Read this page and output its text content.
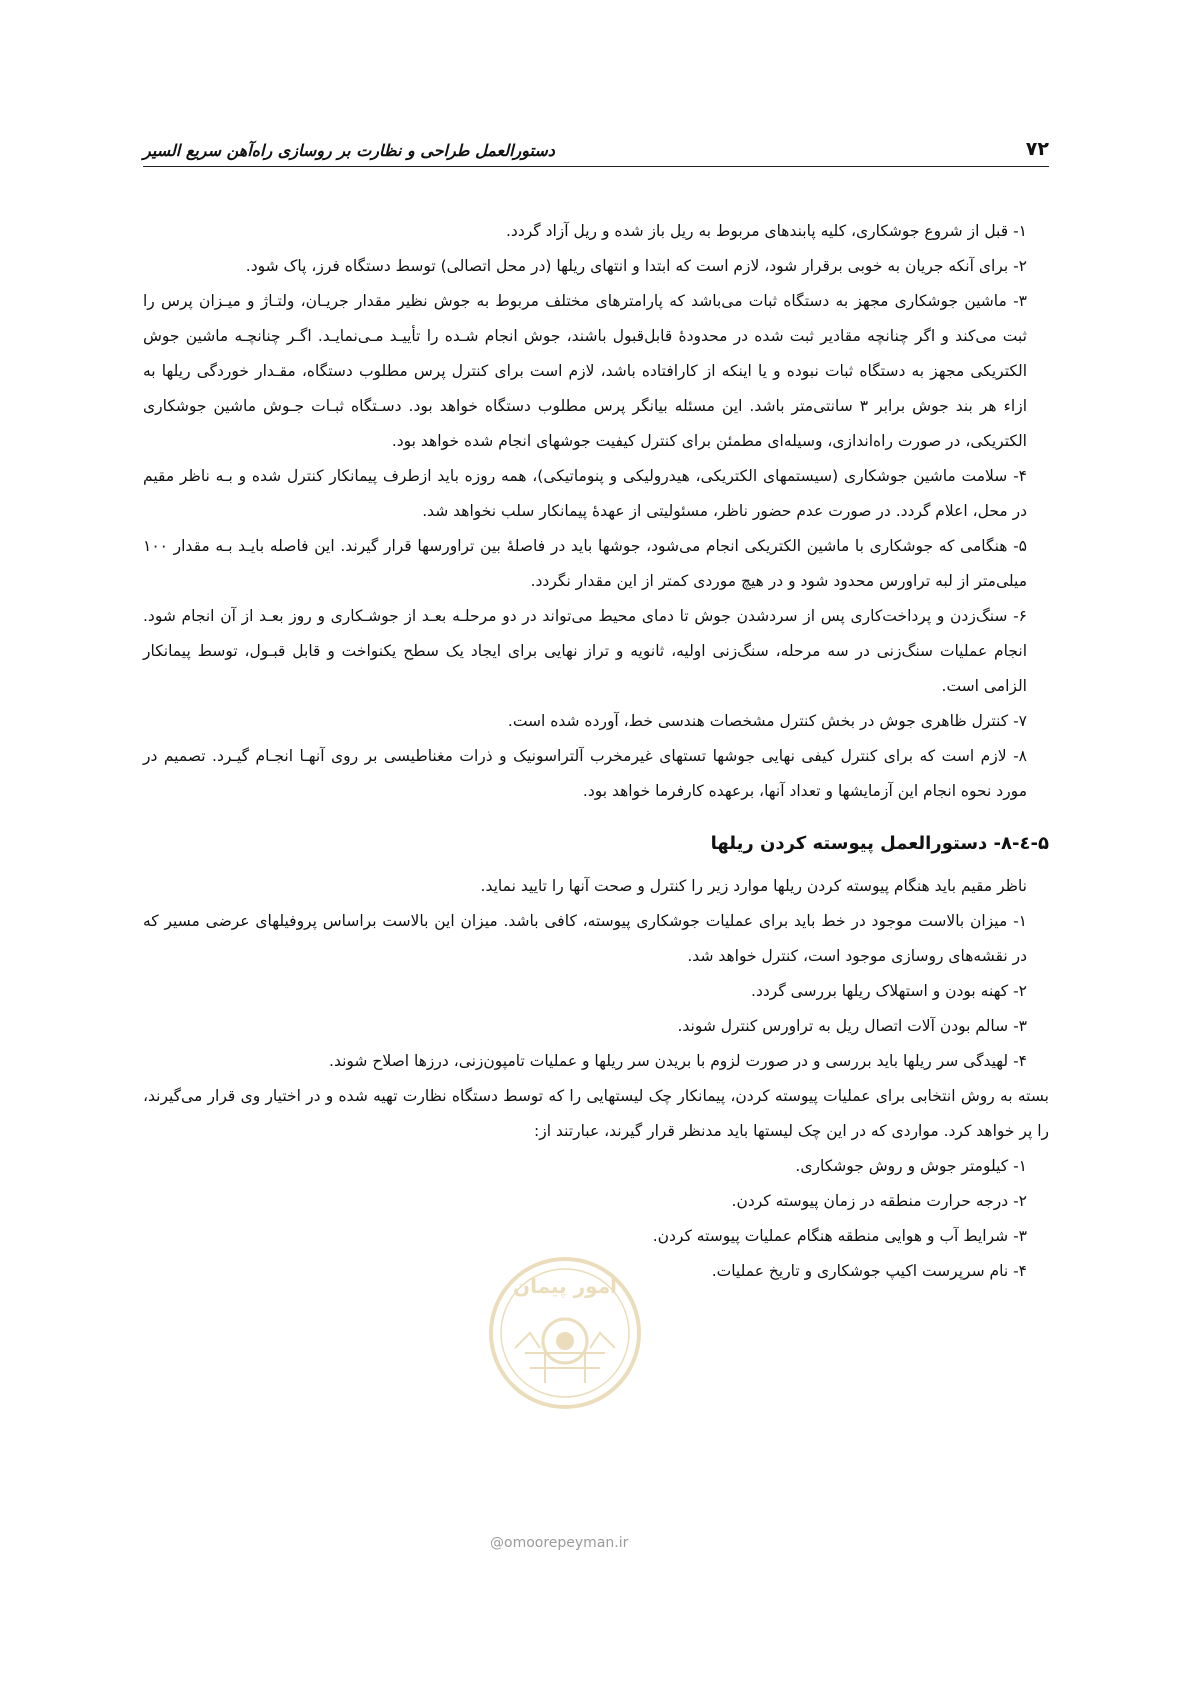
۷۲
دستورالعمل طراحی و نظارت بر روسازی راه‌آهن سریع السیر

۱- قبل از شروع جوشکاری، کلیه پابندهای مربوط به ریل باز شده و ریل آزاد گردد.

۲- برای آنکه جریان به خوبی برقرار شود، لازم است که ابتدا و انتهای ریلها (در محل اتصالی) توسط دستگاه فرز، پاک شود.

۳- ماشین جوشکاری مجهز به دستگاه ثبات می‌باشد که پارامترهای مختلف مربوط به جوش نظیر مقدار جریـان، ولتـاژ و میـزان پرس را ثبت می‌کند و اگر چنانچه مقادیر ثبت شده در محدودهٔ قابل‌قبول باشند، جوش انجام شـده را تأییـد مـی‌نمایـد. اگـر چنانچـه ماشین جوش الکتریکی مجهز به دستگاه ثبات نبوده و یا اینکه از کارافتاده باشد، لازم است برای کنترل پرس مطلوب دستگاه، مقـدار خوردگی ریلها به ازاء هر بند جوش برابر ۳ سانتی‌متر باشد. این مسئله بیانگر پرس مطلوب دستگاه خواهد بود. دسـتگاه ثبـات جـوش ماشین جوشکاری الکتریکی، در صورت راه‌اندازی، وسیله‌ای مطمئن برای کنترل کیفیت جوشهای انجام شده خواهد بود.

۴- سلامت ماشین جوشکاری (سیستمهای الکتریکی، هیدرولیکی و پنوماتیکی)، همه روزه باید ازطرف پیمانکار کنترل شده و بـه ناظر مقیم در محل، اعلام گردد. در صورت عدم حضور ناظر، مسئولیتی از عهدهٔ پیمانکار سلب نخواهد شد.

۵- هنگامی که جوشکاری با ماشین الکتریکی انجام می‌شود، جوشها باید در فاصلهٔ بین تراورسها قرار گیرند. این فاصله بایـد بـه مقدار ۱۰۰ میلی‌متر از لبه تراورس محدود شود و در هیچ موردی کمتر از این مقدار نگردد.

۶- سنگ‌زدن و پرداخت‌کاری پس از سردشدن جوش تا دمای محیط می‌تواند در دو مرحلـه بعـد از جوشـکاری و روز بعـد از آن انجام شود. انجام عملیات سنگ‌زنی در سه مرحله، سنگ‌زنی اولیه، ثانویه و تراز نهایی برای ایجاد یک سطح یکنواخت و قابل قبـول، توسط پیمانکار الزامی است.

۷- کنترل ظاهری جوش در بخش کنترل مشخصات هندسی خط، آورده شده است.

۸- لازم است که برای کنترل کیفی نهایی جوشها تستهای غیرمخرب آلتراسونیک و ذرات مغناطیسی بر روی آنهـا انجـام گیـرد. تصمیم در مورد نحوه انجام این آزمایشها و تعداد آنها، برعهده کارفرما خواهد بود.

۵-٤-۸- دستورالعمل پیوسته کردن ریلها

ناظر مقیم باید هنگام پیوسته کردن ریلها موارد زیر را کنترل و صحت آنها را تایید نماید.

۱- میزان بالاست موجود در خط باید برای عملیات جوشکاری پیوسته، کافی باشد. میزان این بالاست براساس پروفیلهای عرضی مسیر که در نقشه‌های روسازی موجود است، کنترل خواهد شد.

۲- کهنه بودن و استهلاک ریلها بررسی گردد.

۳- سالم بودن آلات اتصال ریل به تراورس کنترل شوند.

۴- لهیدگی سر ریلها باید بررسی و در صورت لزوم با بریدن سر ریلها و عملیات تامپون‌زنی، درزها اصلاح شوند.

بسته به روش انتخابی برای عملیات پیوسته کردن، پیمانکار چک لیستهایی را که توسط دستگاه نظارت تهیه شده و در اختیار وی قرار می‌گیرند، را پر خواهد کرد. مواردی که در این چک لیستها باید مدنظر قرار گیرند، عبارتند از:

۱- کیلومتر جوش و روش جوشکاری.

۲- درجه حرارت منطقه در زمان پیوسته کردن.

۳- شرایط آب و هوایی منطقه هنگام عملیات پیوسته کردن.

۴- نام سرپرست اکیپ جوشکاری و تاریخ عملیات.

امور پیمان
@omoorepeyman.ir
